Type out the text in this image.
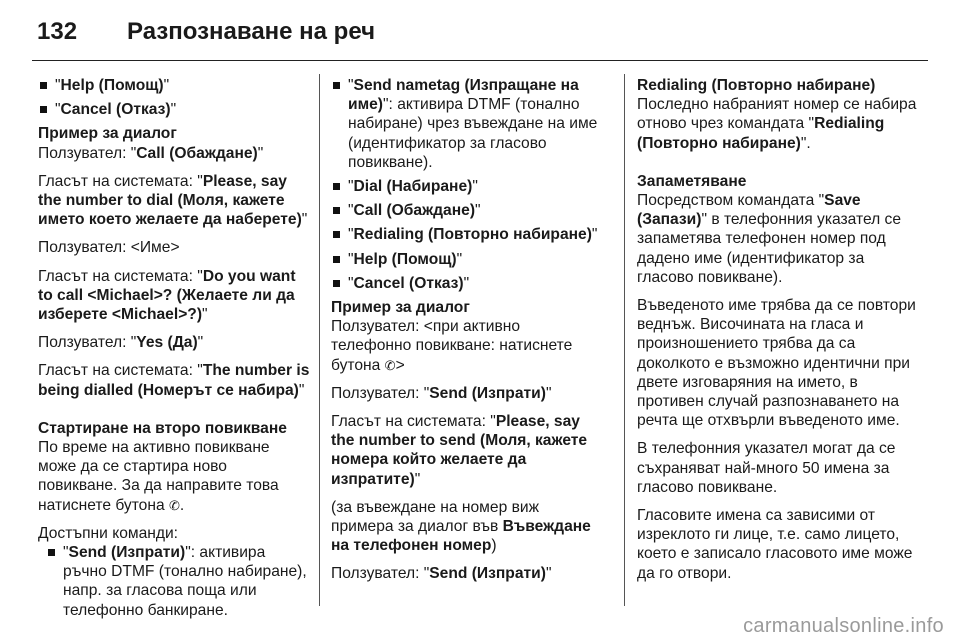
132 Разпознаване на реч
"Help (Помощ)"
"Cancel (Отказ)"
Пример за диалог

Ползувател: "Call (Обаждане)"

Гласът на системата: "Please, say the number to dial (Моля, кажете името което желаете да наберете)"

Ползувател: <Име>

Гласът на системата: "Do you want to call <Michael>? (Желаете ли да изберете <Michael>?)"

Ползувател: "Yes (Да)"

Гласът на системата: "The number is being dialled (Номерът се набира)"

Стартиране на второ повикване

По време на активно повикване може да се стартира ново повикване. За да направите това натиснете бутона ✆.

Достъпни команди:

"Send (Изпрати)": активира ръчно DTMF (тонално набиране), напр. за гласова поща или телефонно банкиране.
"Send nametag (Изпращане на име)": активира DTMF (тонално набиране) чрез въвеждане на име (идентификатор за гласово повикване).
"Dial (Набиране)"
"Call (Обаждане)"
"Redialing (Повторно набиране)"
"Help (Помощ)"
"Cancel (Отказ)"
Пример за диалог

Ползувател: <при активно телефонно повикване: натиснете бутона ✆>

Ползувател: "Send (Изпрати)"

Гласът на системата: "Please, say the number to send (Моля, кажете номера който желаете да изпратите)"

(за въвеждане на номер виж примера за диалог във Въвеждане на телефонен номер)

Ползувател: "Send (Изпрати)"

Redialing (Повторно набиране)

Последно набраният номер се набира отново чрез командата "Redialing (Повторно набиране)".

Запаметяване

Посредством командата "Save (Запази)" в телефонния указател се запаметява телефонен номер под дадено име (идентификатор за гласово повикване).

Въведеното име трябва да се повтори веднъж. Височината на гласа и произношението трябва да са доколкото е възможно идентични при двете изговаряния на името, в противен случай разпознаването на речта ще отхвърли въведеното име.

В телефонния указател могат да се съхраняват най-много 50 имена за гласово повикване.

Гласовите имена са зависими от изреклото ги лице, т.е. само лицето, което е записало гласовото име може да го отвори.

carmanualsonline.info
